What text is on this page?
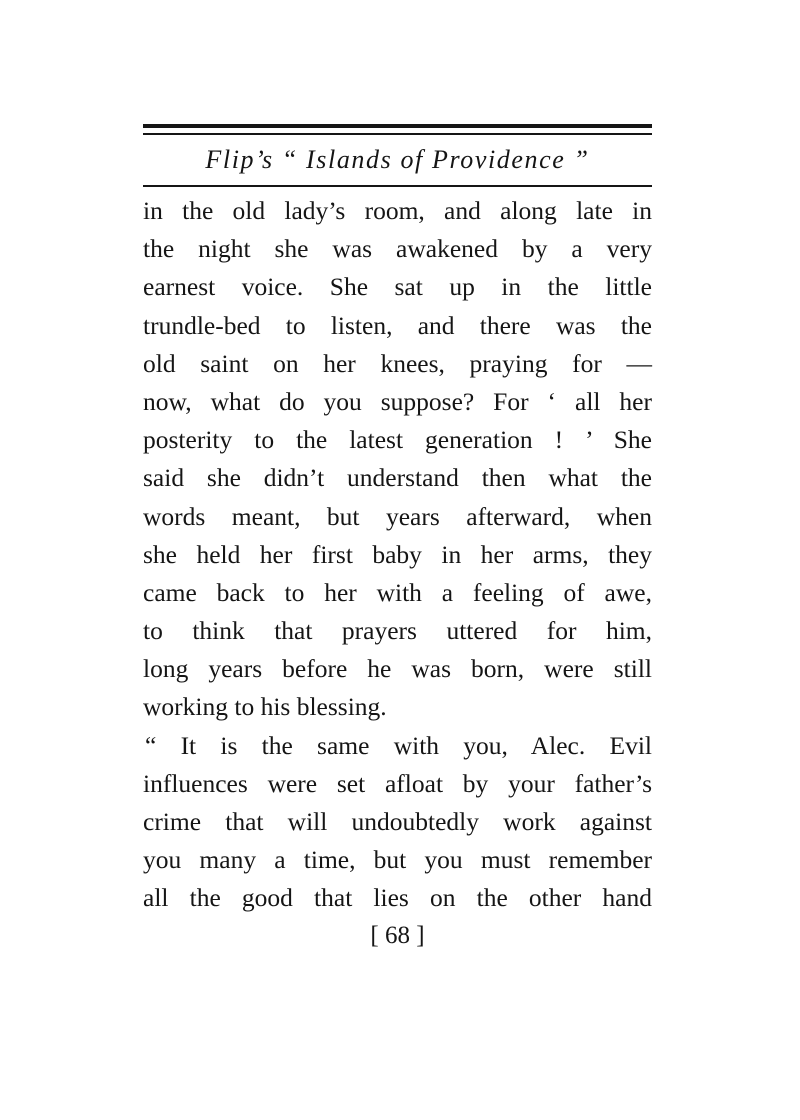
Flip’s “ Islands of Providence ”
in the old lady’s room, and along late in
the night she was awakened by a very
earnest voice. She sat up in the little
trundle-bed to listen, and there was the
old saint on her knees, praying for —
now, what do you suppose? For ‘ all her
posterity to the latest generation ! ’ She
said she didn’t understand then what the
words meant, but years afterward, when
she held her first baby in her arms, they
came back to her with a feeling of awe,
to think that prayers uttered for him,
long years before he was born, were still
working to his blessing.
“ It is the same with you, Alec. Evil
influences were set afloat by your father’s
crime that will undoubtedly work against
you many a time, but you must remember
all the good that lies on the other hand
[ 68 ]
